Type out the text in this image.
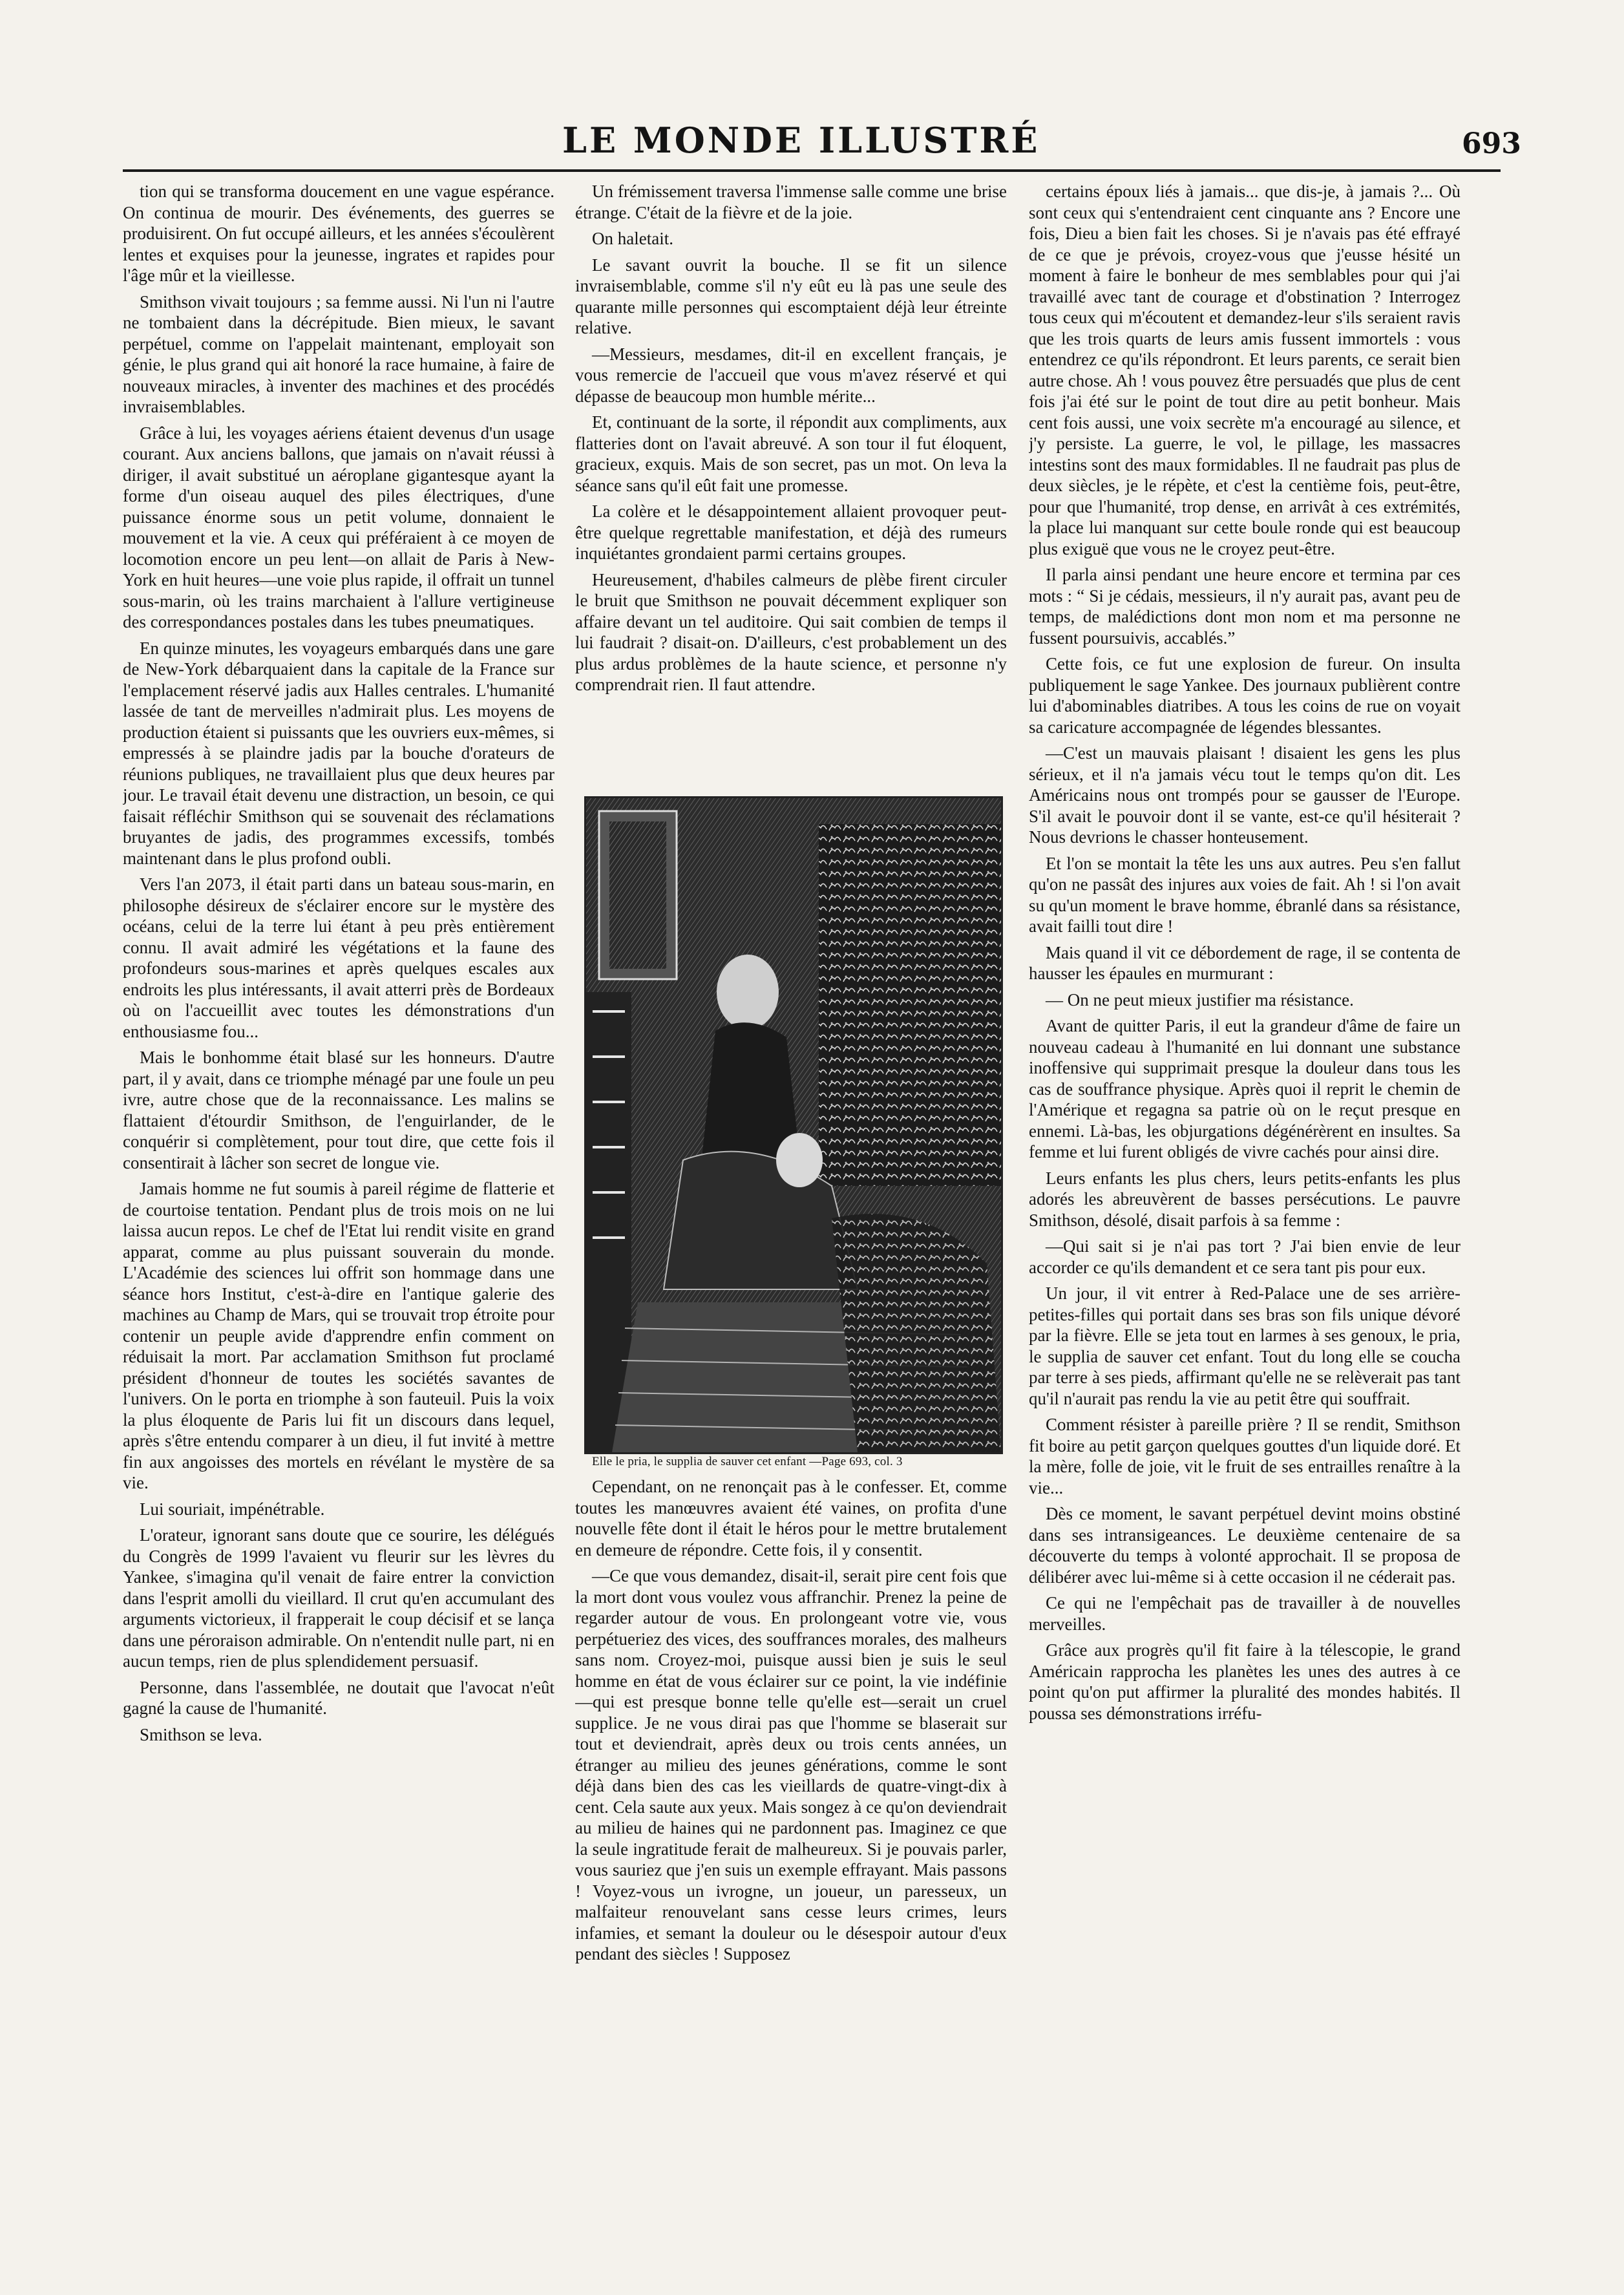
LE MONDE ILLUSTRÉ	693

tion qui se transforma doucement en une vague espérance. On continua de mourir. Des événements, des guerres se produisirent. On fut occupé ailleurs, et les années s'écoulèrent lentes et exquises pour la jeunesse, ingrates et rapides pour l'âge mûr et la vieillesse.

Smithson vivait toujours ; sa femme aussi. Ni l'un ni l'autre ne tombaient dans la décrépitude. Bien mieux, le savant perpétuel, comme on l'appelait maintenant, employait son génie, le plus grand qui ait honoré la race humaine, à faire de nouveaux miracles, à inventer des machines et des procédés invraisemblables.

Grâce à lui, les voyages aériens étaient devenus d'un usage courant. Aux anciens ballons, que jamais on n'avait réussi à diriger, il avait substitué un aéroplane gigantesque ayant la forme d'un oiseau auquel des piles électriques, d'une puissance énorme sous un petit volume, donnaient le mouvement et la vie. A ceux qui préféraient à ce moyen de locomotion encore un peu lent—on allait de Paris à New-York en huit heures—une voie plus rapide, il offrait un tunnel sous-marin, où les trains marchaient à l'allure vertigineuse des correspondances postales dans les tubes pneumatiques.

En quinze minutes, les voyageurs embarqués dans une gare de New-York débarquaient dans la capitale de la France sur l'emplacement réservé jadis aux Halles centrales. L'humanité lassée de tant de merveilles n'admirait plus. Les moyens de production étaient si puissants que les ouvriers eux-mêmes, si empressés à se plaindre jadis par la bouche d'orateurs de réunions publiques, ne travaillaient plus que deux heures par jour. Le travail était devenu une distraction, un besoin, ce qui faisait réfléchir Smithson qui se souvenait des réclamations bruyantes de jadis, des programmes excessifs, tombés maintenant dans le plus profond oubli.

Vers l'an 2073, il était parti dans un bateau sous-marin, en philosophe désireux de s'éclairer encore sur le mystère des océans, celui de la terre lui étant à peu près entièrement connu. Il avait admiré les végétations et la faune des profondeurs sous-marines et après quelques escales aux endroits les plus intéressants, il avait atterri près de Bordeaux où on l'accueillit avec toutes les démonstrations d'un enthousiasme fou...

Mais le bonhomme était blasé sur les honneurs. D'autre part, il y avait, dans ce triomphe ménagé par une foule un peu ivre, autre chose que de la reconnaissance. Les malins se flattaient d'étourdir Smithson, de l'enguirlander, de le conquérir si complètement, pour tout dire, que cette fois il consentirait à lâcher son secret de longue vie.

Jamais homme ne fut soumis à pareil régime de flatterie et de courtoise tentation. Pendant plus de trois mois on ne lui laissa aucun repos. Le chef de l'Etat lui rendit visite en grand apparat, comme au plus puissant souverain du monde. L'Académie des sciences lui offrit son hommage dans une séance hors Institut, c'est-à-dire en l'antique galerie des machines au Champ de Mars, qui se trouvait trop étroite pour contenir un peuple avide d'apprendre enfin comment on réduisait la mort. Par acclamation Smithson fut proclamé président d'honneur de toutes les sociétés savantes de l'univers. On le porta en triomphe à son fauteuil. Puis la voix la plus éloquente de Paris lui fit un discours dans lequel, après s'être entendu comparer à un dieu, il fut invité à mettre fin aux angoisses des mortels en révélant le mystère de sa vie.

Lui souriait, impénétrable.

L'orateur, ignorant sans doute que ce sourire, les délégués du Congrès de 1999 l'avaient vu fleurir sur les lèvres du Yankee, s'imagina qu'il venait de faire entrer la conviction dans l'esprit amolli du vieillard. Il crut qu'en accumulant des arguments victorieux, il frapperait le coup décisif et se lança dans une péroraison admirable. On n'entendit nulle part, ni en aucun temps, rien de plus splendidement persuasif.

Personne, dans l'assemblée, ne doutait que l'avocat n'eût gagné la cause de l'humanité.

Smithson se leva.

Un frémissement traversa l'immense salle comme une brise étrange. C'était de la fièvre et de la joie.

On haletait.

Le savant ouvrit la bouche. Il se fit un silence invraisemblable, comme s'il n'y eût eu là pas une seule des quarante mille personnes qui escomptaient déjà leur étreinte relative.

—Messieurs, mesdames, dit-il en excellent français, je vous remercie de l'accueil que vous m'avez réservé et qui dépasse de beaucoup mon humble mérite...

Et, continuant de la sorte, il répondit aux compliments, aux flatteries dont on l'avait abreuvé. A son tour il fut éloquent, gracieux, exquis. Mais de son secret, pas un mot. On leva la séance sans qu'il eût fait une promesse.

La colère et le désappointement allaient provoquer peut-être quelque regrettable manifestation, et déjà des rumeurs inquiétantes grondaient parmi certains groupes.

Heureusement, d'habiles calmeurs de plèbe firent circuler le bruit que Smithson ne pouvait décemment expliquer son affaire devant un tel auditoire. Qui sait combien de temps il lui faudrait ? disait-on. D'ailleurs, c'est probablement un des plus ardus problèmes de la haute science, et personne n'y comprendrait rien. Il faut attendre.

Elle le pria, le supplia de sauver cet enfant —Page 693, col. 3

Cependant, on ne renonçait pas à le confesser. Et, comme toutes les manœuvres avaient été vaines, on profita d'une nouvelle fête dont il était le héros pour le mettre brutalement en demeure de répondre. Cette fois, il y consentit.

—Ce que vous demandez, disait-il, serait pire cent fois que la mort dont vous voulez vous affranchir. Prenez la peine de regarder autour de vous. En prolongeant votre vie, vous perpétueriez des vices, des souffrances morales, des malheurs sans nom. Croyez-moi, puisque aussi bien je suis le seul homme en état de vous éclairer sur ce point, la vie indéfinie—qui est presque bonne telle qu'elle est—serait un cruel supplice. Je ne vous dirai pas que l'homme se blaserait sur tout et deviendrait, après deux ou trois cents années, un étranger au milieu des jeunes générations, comme le sont déjà dans bien des cas les vieillards de quatre-vingt-dix à cent. Cela saute aux yeux. Mais songez à ce qu'on deviendrait au milieu de haines qui ne pardonnent pas. Imaginez ce que la seule ingratitude ferait de malheureux. Si je pouvais parler, vous sauriez que j'en suis un exemple effrayant. Mais passons ! Voyez-vous un ivrogne, un joueur, un paresseux, un malfaiteur renouvelant sans cesse leurs crimes, leurs infamies, et semant la douleur ou le désespoir autour d'eux pendant des siècles ! Supposez

certains époux liés à jamais... que dis-je, à jamais ?... Où sont ceux qui s'entendraient cent cinquante ans ? Encore une fois, Dieu a bien fait les choses. Si je n'avais pas été effrayé de ce que je prévois, croyez-vous que j'eusse hésité un moment à faire le bonheur de mes semblables pour qui j'ai travaillé avec tant de courage et d'obstination ? Interrogez tous ceux qui m'écoutent et demandez-leur s'ils seraient ravis que les trois quarts de leurs amis fussent immortels : vous entendrez ce qu'ils répondront. Et leurs parents, ce serait bien autre chose. Ah ! vous pouvez être persuadés que plus de cent fois j'ai été sur le point de tout dire au petit bonheur. Mais cent fois aussi, une voix secrète m'a encouragé au silence, et j'y persiste. La guerre, le vol, le pillage, les massacres intestins sont des maux formidables. Il ne faudrait pas plus de deux siècles, je le répète, et c'est la centième fois, peut-être, pour que l'humanité, trop dense, en arrivât à ces extrémités, la place lui manquant sur cette boule ronde qui est beaucoup plus exiguë que vous ne le croyez peut-être.

Il parla ainsi pendant une heure encore et termina par ces mots : “ Si je cédais, messieurs, il n'y aurait pas, avant peu de temps, de malédictions dont mon nom et ma personne ne fussent poursuivis, accablés.”

Cette fois, ce fut une explosion de fureur. On insulta publiquement le sage Yankee. Des journaux publièrent contre lui d'abominables diatribes. A tous les coins de rue on voyait sa caricature accompagnée de légendes blessantes.

—C'est un mauvais plaisant ! disaient les gens les plus sérieux, et il n'a jamais vécu tout le temps qu'on dit. Les Américains nous ont trompés pour se gausser de l'Europe. S'il avait le pouvoir dont il se vante, est-ce qu'il hésiterait ? Nous devrions le chasser honteusement.

Et l'on se montait la tête les uns aux autres. Peu s'en fallut qu'on ne passât des injures aux voies de fait. Ah ! si l'on avait su qu'un moment le brave homme, ébranlé dans sa résistance, avait failli tout dire !

Mais quand il vit ce débordement de rage, il se contenta de hausser les épaules en murmurant :

— On ne peut mieux justifier ma résistance.

Avant de quitter Paris, il eut la grandeur d'âme de faire un nouveau cadeau à l'humanité en lui donnant une substance inoffensive qui supprimait presque la douleur dans tous les cas de souffrance physique. Après quoi il reprit le chemin de l'Amérique et regagna sa patrie où on le reçut presque en ennemi. Là-bas, les objurgations dégénérèrent en insultes. Sa femme et lui furent obligés de vivre cachés pour ainsi dire.

Leurs enfants les plus chers, leurs petits-enfants les plus adorés les abreuvèrent de basses persécutions. Le pauvre Smithson, désolé, disait parfois à sa femme :

—Qui sait si je n'ai pas tort ? J'ai bien envie de leur accorder ce qu'ils demandent et ce sera tant pis pour eux.

Un jour, il vit entrer à Red-Palace une de ses arrière-petites-filles qui portait dans ses bras son fils unique dévoré par la fièvre. Elle se jeta tout en larmes à ses genoux, le pria, le supplia de sauver cet enfant. Tout du long elle se coucha par terre à ses pieds, affirmant qu'elle ne se relèverait pas tant qu'il n'aurait pas rendu la vie au petit être qui souffrait.

Comment résister à pareille prière ? Il se rendit, Smithson fit boire au petit garçon quelques gouttes d'un liquide doré. Et la mère, folle de joie, vit le fruit de ses entrailles renaître à la vie...

Dès ce moment, le savant perpétuel devint moins obstiné dans ses intransigeances. Le deuxième centenaire de sa découverte du temps à volonté approchait. Il se proposa de délibérer avec lui-même si à cette occasion il ne céderait pas.

Ce qui ne l'empêchait pas de travailler à de nouvelles merveilles.

Grâce aux progrès qu'il fit faire à la télescopie, le grand Américain rapprocha les planètes les unes des autres à ce point qu'on put affirmer la pluralité des mondes habités. Il poussa ses démonstrations irréfu-
